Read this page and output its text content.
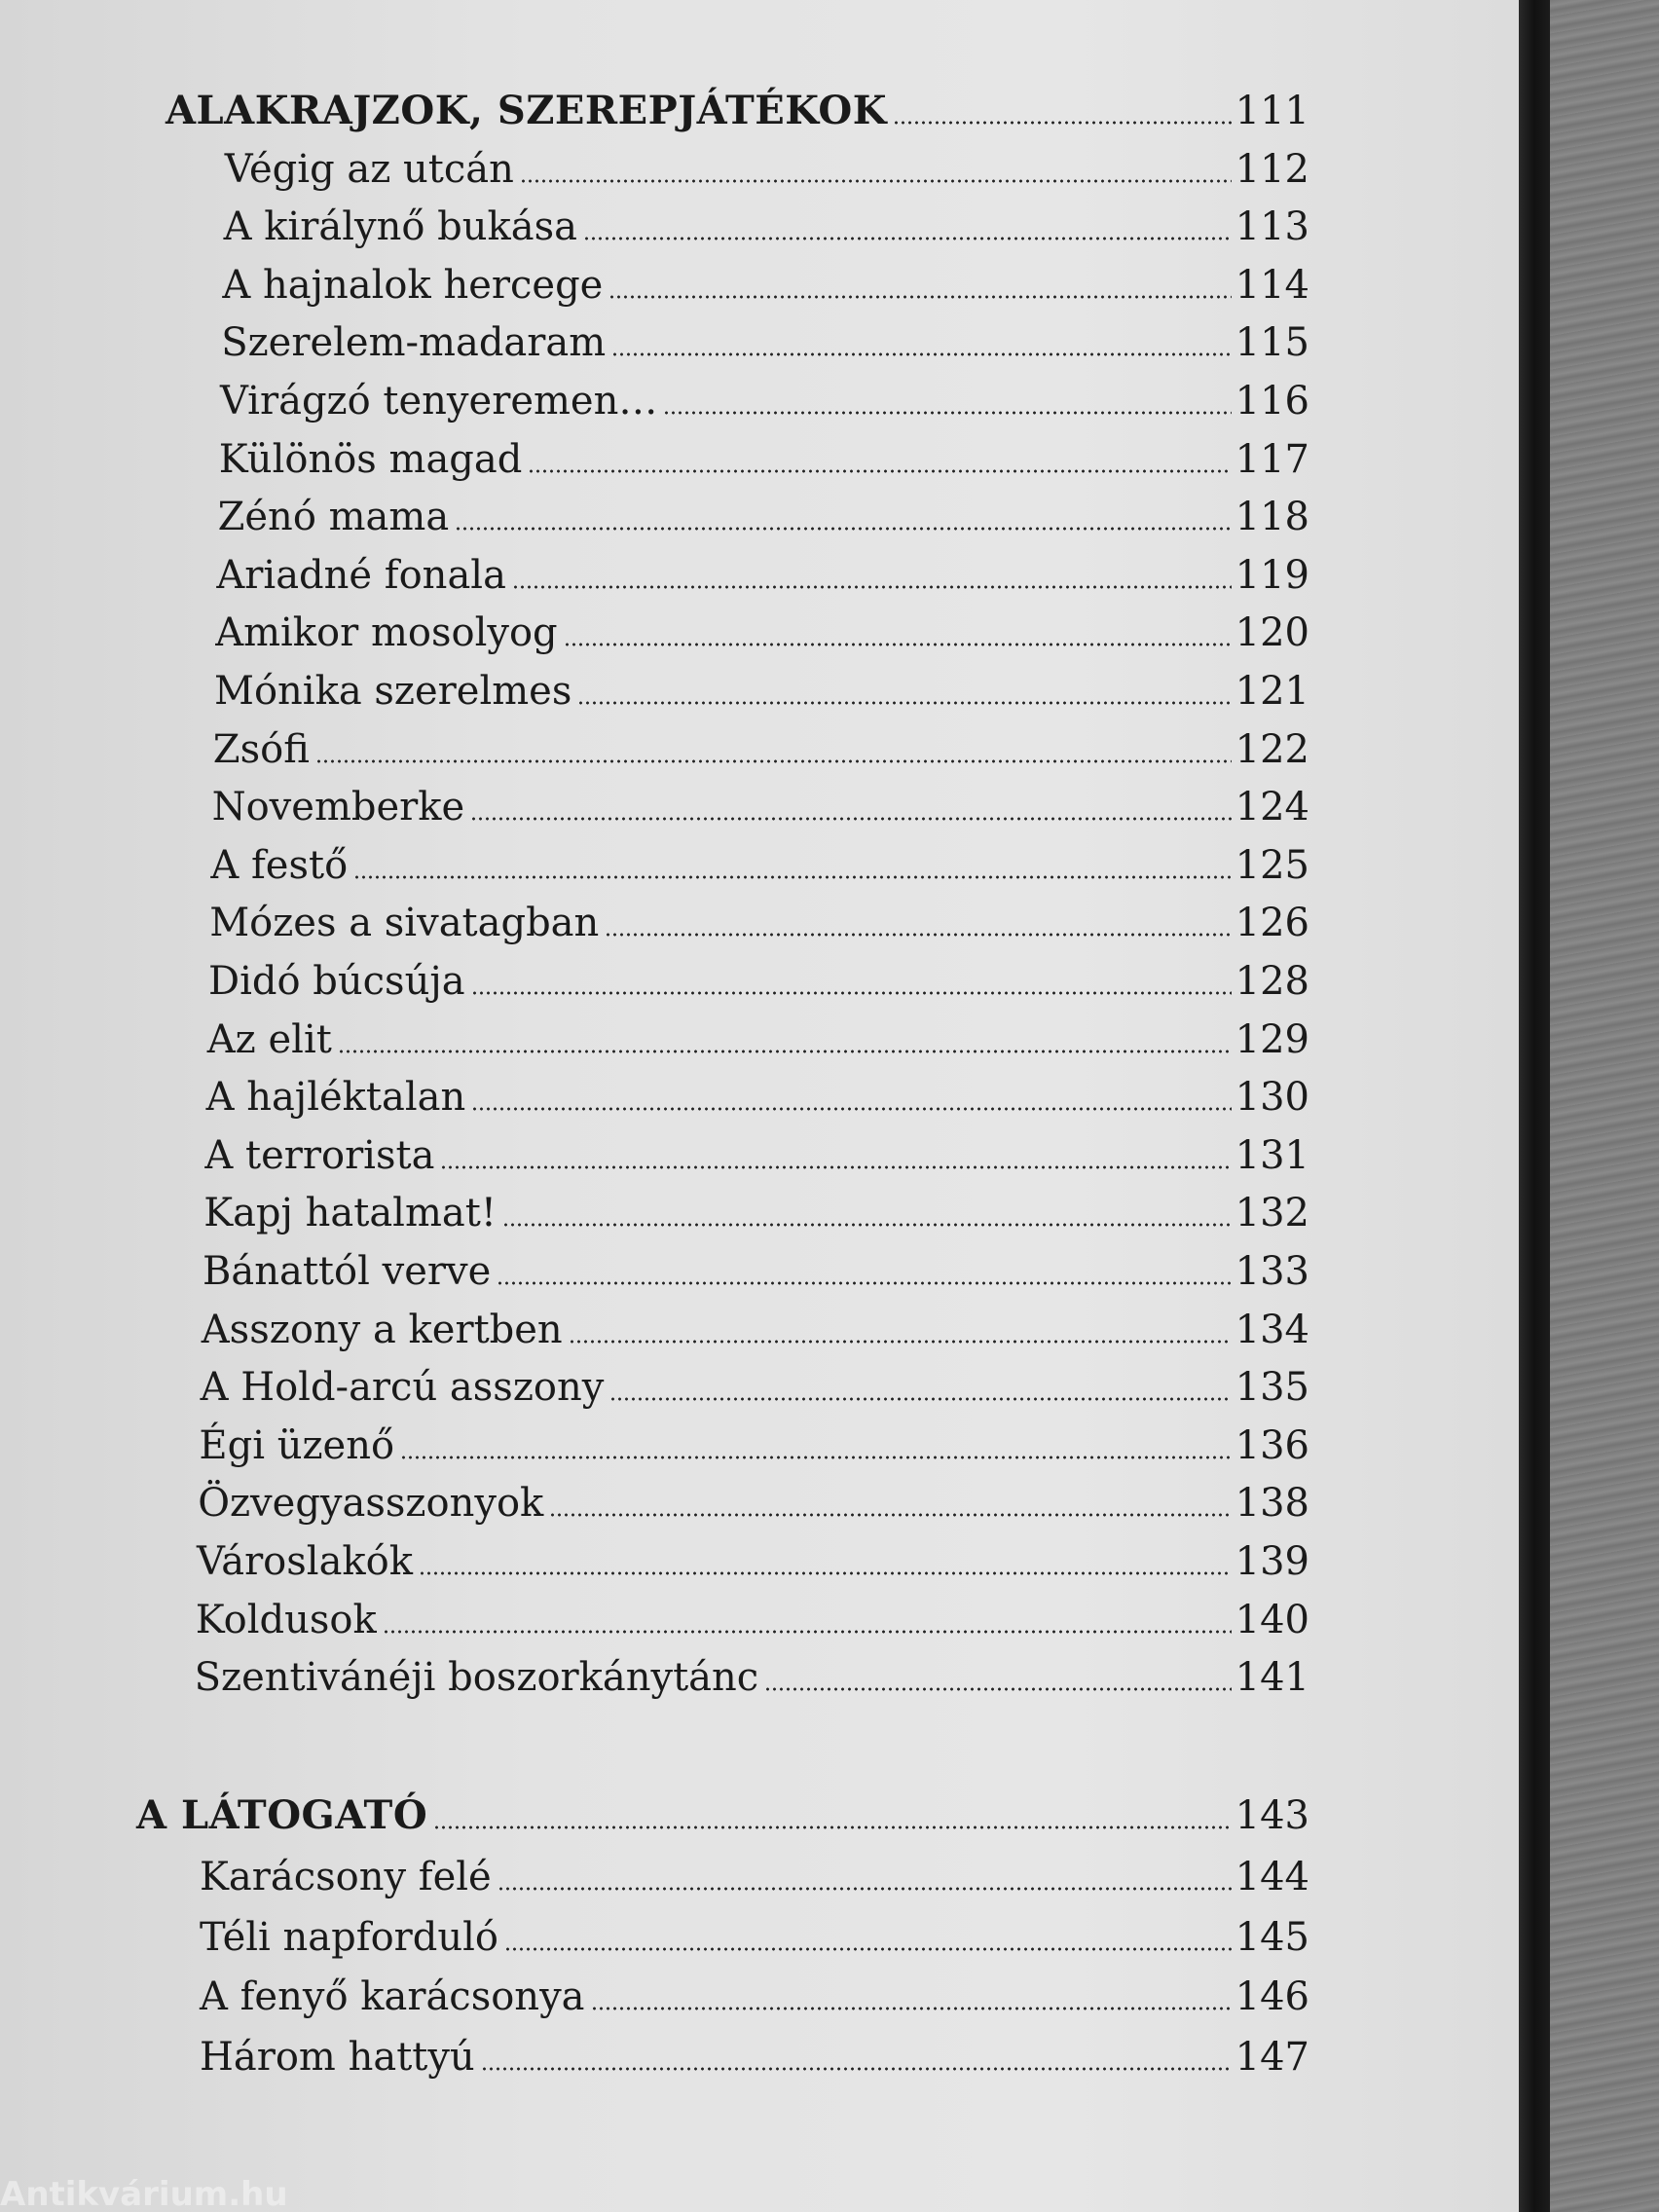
ALAKRAJZOK, SZEREPJÁTÉKOK	111
Végig az utcán	112
A királynő bukása	113
A hajnalok hercege	114
Szerelem-madaram	115
Virágzó tenyeremen…	116
Különös magad	117
Zénó mama	118
Ariadné fonala	119
Amikor mosolyog	120
Mónika szerelmes	121
Zsófi	122
Novemberke	124
A festő	125
Mózes a sivatagban	126
Didó búcsúja	128
Az elit	129
A hajléktalan	130
A terrorista	131
Kapj hatalmat!	132
Bánattól verve	133
Asszony a kertben	134
A Hold-arcú asszony	135
Égi üzenő	136
Özvegyasszonyok	138
Városlakók	139
Koldusok	140
Szentivánéji boszorkánytánc	141
A LÁTOGATÓ	143
Karácsony felé	144
Téli napforduló	145
A fenyő karácsonya	146
Három hattyú	147
Antikvárium.hu
